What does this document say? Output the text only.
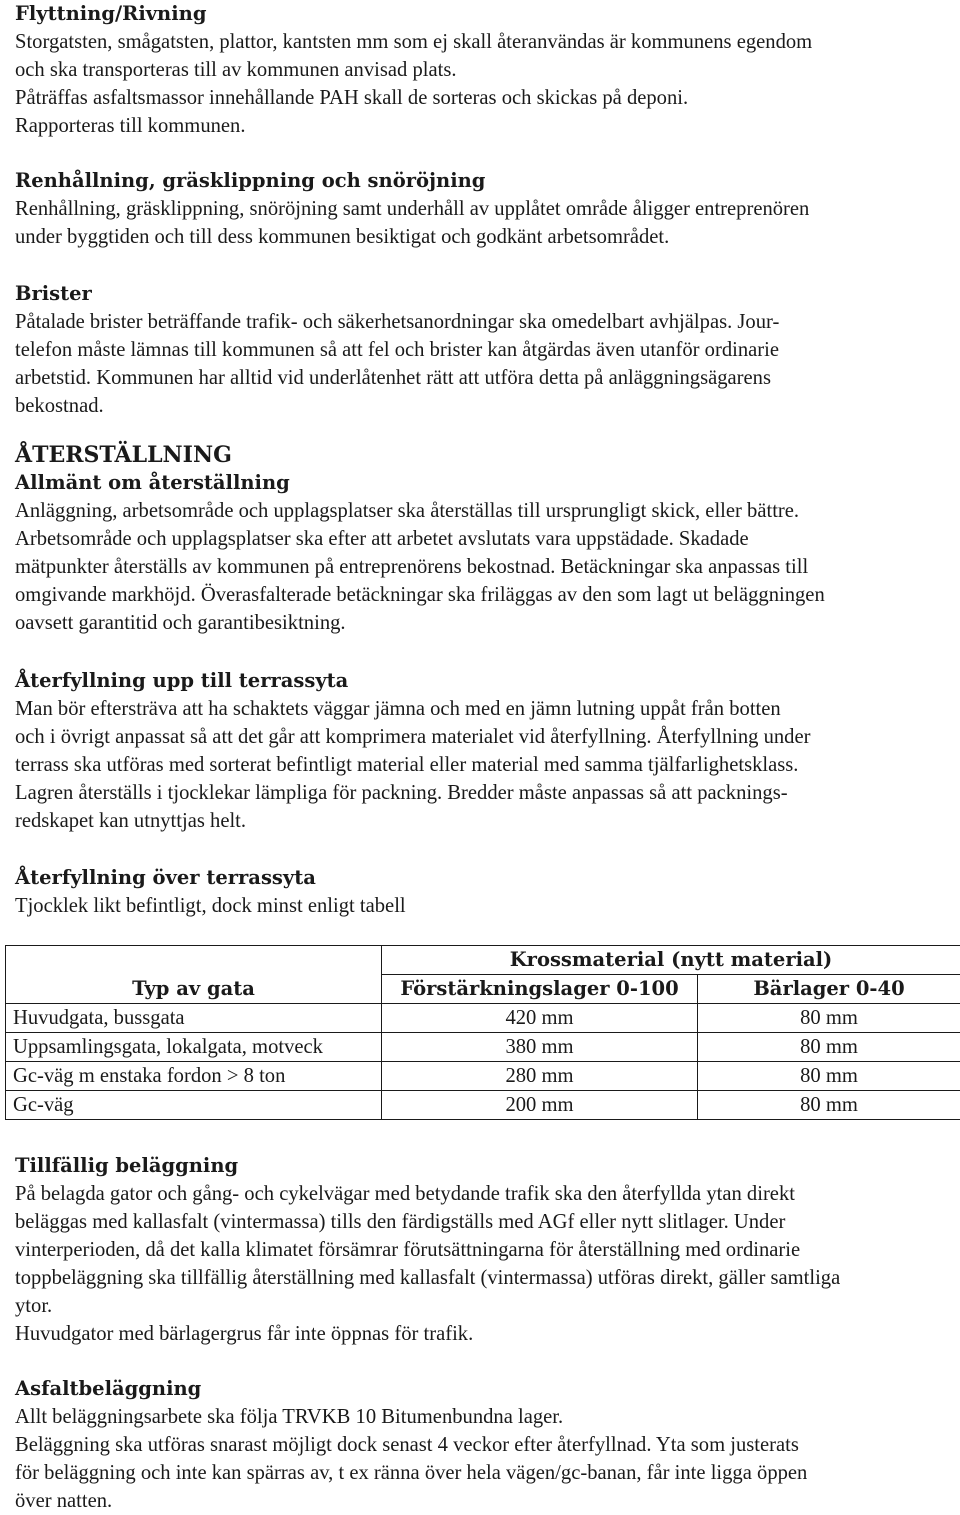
Flyttning/Rivning
Storgatsten, smågatsten, plattor, kantsten mm som ej skall återanvändas är kommunens egendom
och ska transporteras till av kommunen anvisad plats.
Påträffas asfaltsmassor innehållande PAH skall de sorteras och skickas på deponi.
Rapporteras till kommunen.
Renhållning, gräsklippning och snöröjning
Renhållning, gräsklippning, snöröjning samt underhåll av upplåtet område åligger entreprenören
under byggtiden och till dess kommunen besiktigat och godkänt arbetsområdet.
Brister
Påtalade brister beträffande trafik- och säkerhetsanordningar ska omedelbart avhjälpas. Jour-
telefon måste lämnas till kommunen så att fel och brister kan åtgärdas även utanför ordinarie
arbetstid. Kommunen har alltid vid underlåtenhet rätt att utföra detta på anläggningsägarens
bekostnad.
ÅTERSTÄLLNING
Allmänt om återställning
Anläggning, arbetsområde och upplagsplatser ska återställas till ursprungligt skick, eller bättre.
Arbetsområde och upplagsplatser ska efter att arbetet avslutats vara uppstädade. Skadade
mätpunkter återställs av kommunen på entreprenörens bekostnad. Betäckningar ska anpassas till
omgivande markhöjd. Överasfalterade betäckningar ska friläggas av den som lagt ut beläggningen
oavsett garantitid och garantibesiktning.
Återfyllning upp till terrassyta
Man bör eftersträva att ha schaktets väggar jämna och med en jämn lutning uppåt från botten
och i övrigt anpassat så att det går att komprimera materialet vid återfyllning. Återfyllning under
terrass ska utföras med sorterat befintligt material eller material med samma tjälfarlighetsklass.
Lagren återställs i tjocklekar lämpliga för packning. Bredder måste anpassas så att packnings-
redskapet kan utnyttjas helt.
Återfyllning över terrassyta
Tjocklek likt befintligt, dock minst enligt tabell
Tillfällig beläggning
På belagda gator och gång- och cykelvägar med betydande trafik ska den återfyllda ytan direkt
beläggas med kallasfalt (vintermassa) tills den färdigställs med AGf eller nytt slitlager. Under
vinterperioden, då det kalla klimatet försämrar förutsättningarna för återställning med ordinarie
toppbeläggning ska tillfällig återställning med kallasfalt (vintermassa) utföras direkt, gäller samtliga
ytor.
Huvudgator med bärlagergrus får inte öppnas för trafik.
Asfaltbeläggning
Allt beläggningsarbete ska följa TRVKB 10 Bitumenbundna lager.
Beläggning ska utföras snarast möjligt dock senast 4 veckor efter återfyllnad. Yta som justerats
för beläggning och inte kan spärras av, t ex ränna över hela vägen/gc-banan, får inte ligga öppen
över natten.
	Krossmaterial (nytt material)	
Typ av gata	Förstärkningslager 0-100	Bärlager 0-40
Huvudgata, bussgata	420 mm	80 mm
Uppsamlingsgata, lokalgata, motveck	380 mm	80 mm
Gc-väg m enstaka fordon > 8 ton	280 mm	80 mm
Gc-väg	200 mm	80 mm
